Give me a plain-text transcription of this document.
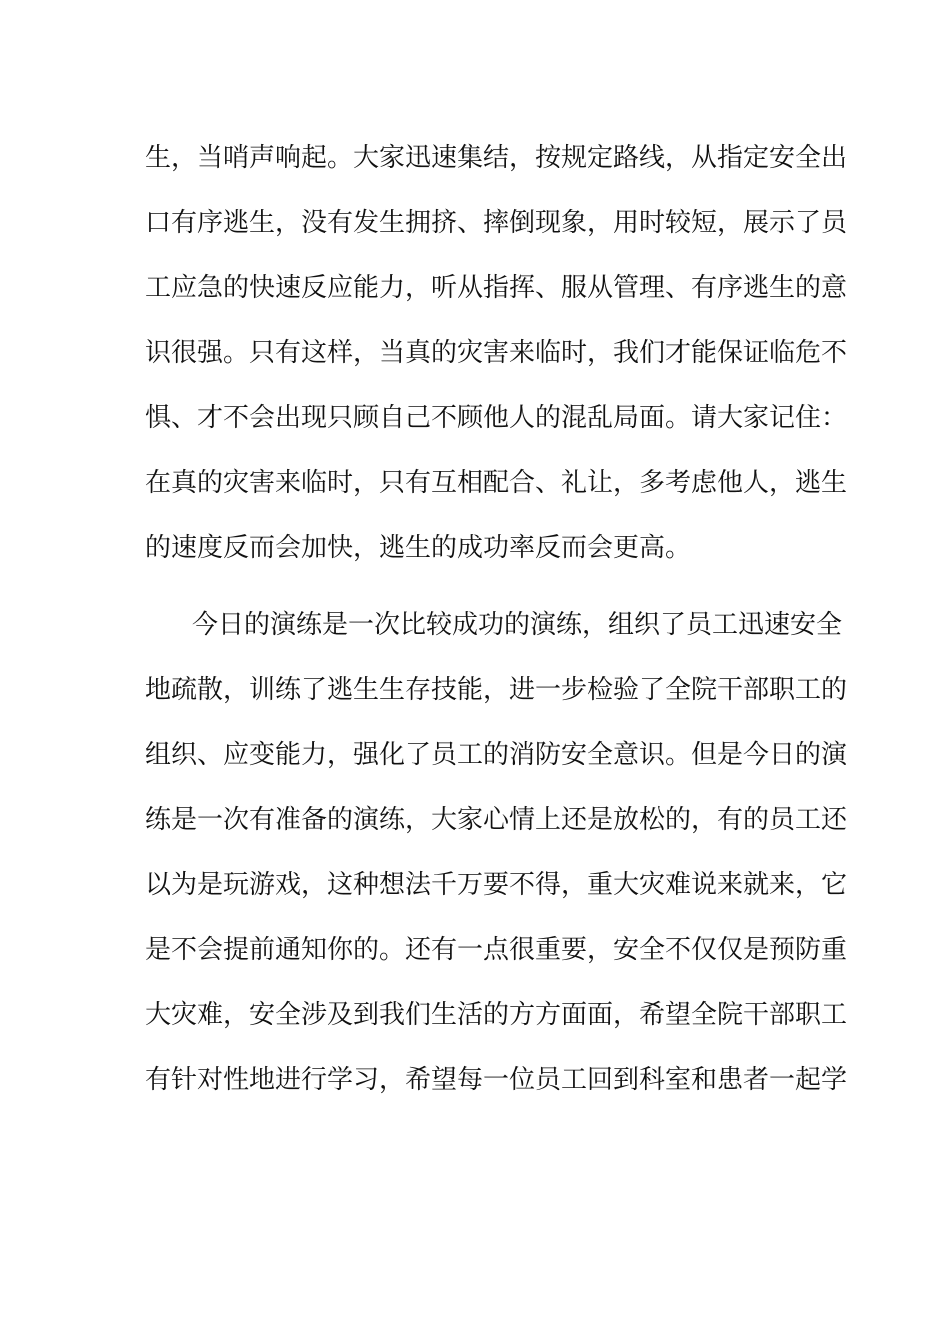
生，当哨声响起。大家迅速集结，按规定路线，从指定安全出

口有序逃生，没有发生拥挤、摔倒现象，用时较短，展示了员

工应急的快速反应能力，听从指挥、服从管理、有序逃生的意

识很强。只有这样，当真的灾害来临时，我们才能保证临危不

惧、才不会出现只顾自己不顾他人的混乱局面。请大家记住：

在真的灾害来临时，只有互相配合、礼让，多考虑他人，逃生

的速度反而会加快，逃生的成功率反而会更高。

今日的演练是一次比较成功的演练，组织了员工迅速安全

地疏散，训练了逃生生存技能，进一步检验了全院干部职工的

组织、应变能力，强化了员工的消防安全意识。但是今日的演

练是一次有准备的演练，大家心情上还是放松的，有的员工还

以为是玩游戏，这种想法千万要不得，重大灾难说来就来，它

是不会提前通知你的。还有一点很重要，安全不仅仅是预防重

大灾难，安全涉及到我们生活的方方面面，希望全院干部职工

有针对性地进行学习，希望每一位员工回到科室和患者一起学
